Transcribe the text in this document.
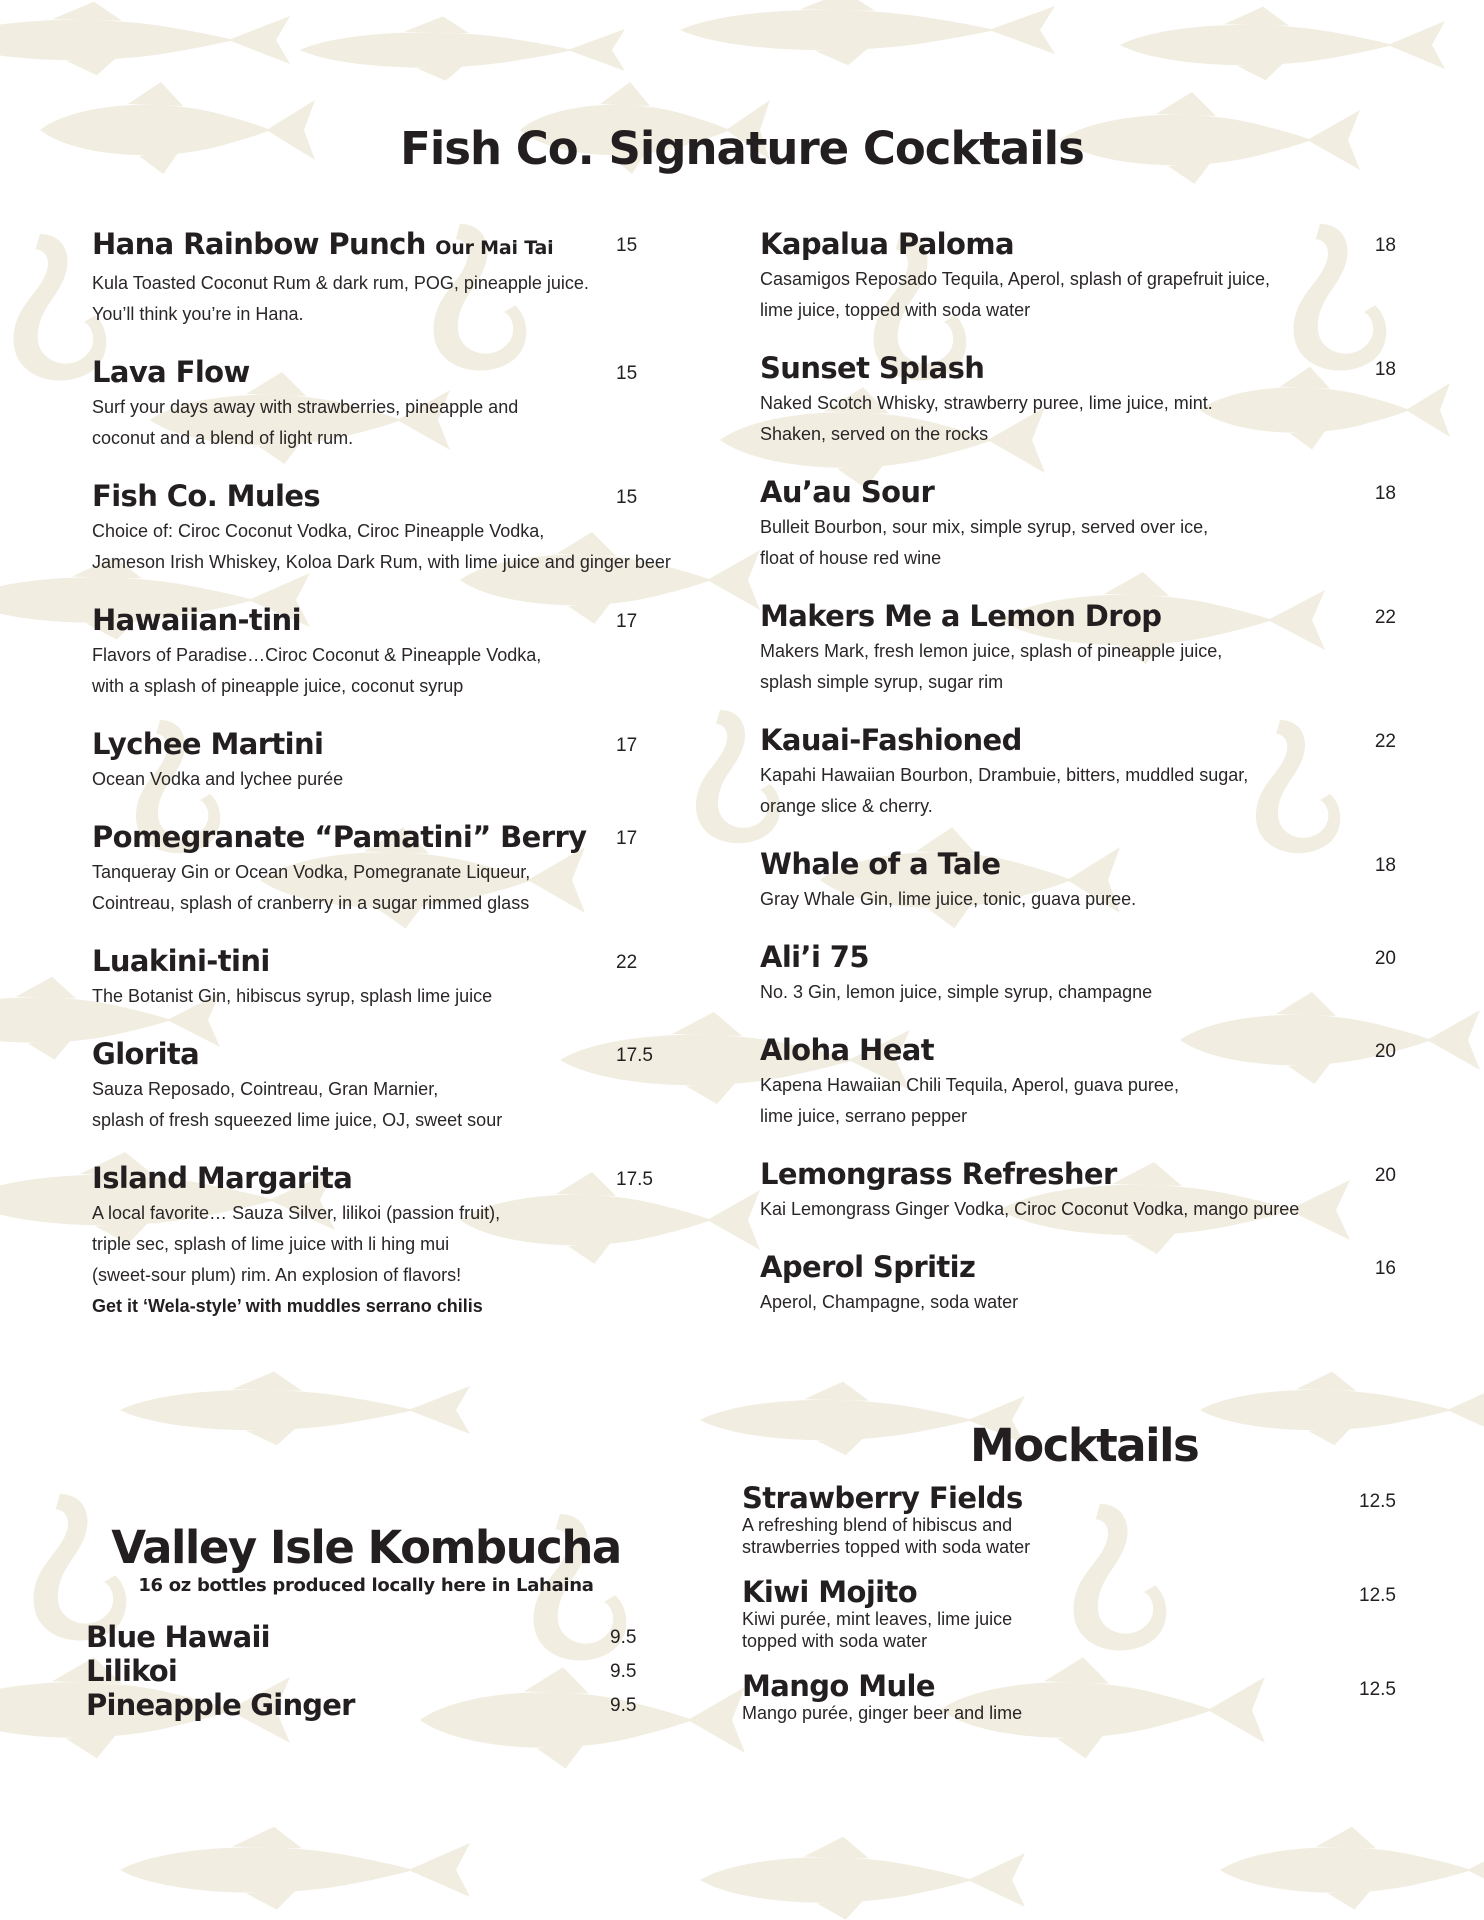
Fish Co. Signature Cocktails
Hana Rainbow Punch Our Mai Tai	15
Kula Toasted Coconut Rum & dark rum, POG, pineapple juice.
You’ll think you’re in Hana.
Lava Flow	15
Surf your days away with strawberries, pineapple and
coconut and a blend of light rum.
Fish Co. Mules	15
Choice of: Ciroc Coconut Vodka, Ciroc Pineapple Vodka,
Jameson Irish Whiskey, Koloa Dark Rum, with lime juice and ginger beer
Hawaiian-tini	17
Flavors of Paradise…Ciroc Coconut & Pineapple Vodka,
with a splash of pineapple juice, coconut syrup
Lychee Martini	17
Ocean Vodka and lychee purée
Pomegranate “Pamatini” Berry	17
Tanqueray Gin or Ocean Vodka, Pomegranate Liqueur,
Cointreau, splash of cranberry in a sugar rimmed glass
Luakini-tini	22
The Botanist Gin, hibiscus syrup, splash lime juice
Glorita	17.5
Sauza Reposado, Cointreau, Gran Marnier,
splash of fresh squeezed lime juice, OJ, sweet sour
Island Margarita	17.5
A local favorite… Sauza Silver, lilikoi (passion fruit),
triple sec, splash of lime juice with li hing mui
(sweet-sour plum) rim. An explosion of flavors!
Get it ‘Wela-style’ with muddles serrano chilis
Kapalua Paloma	18
Casamigos Reposado Tequila, Aperol, splash of grapefruit juice,
lime juice, topped with soda water
Sunset Splash	18
Naked Scotch Whisky, strawberry puree, lime juice, mint.
Shaken, served on the rocks
Au’au Sour	18
Bulleit Bourbon, sour mix, simple syrup, served over ice,
float of house red wine
Makers Me a Lemon Drop	22
Makers Mark, fresh lemon juice, splash of pineapple juice,
splash simple syrup, sugar rim
Kauai-Fashioned	22
Kapahi Hawaiian Bourbon, Drambuie, bitters, muddled sugar,
orange slice & cherry.
Whale of a Tale	18
Gray Whale Gin, lime juice, tonic, guava puree.
Ali’i 75	20
No. 3 Gin, lemon juice, simple syrup, champagne
Aloha Heat	20
Kapena Hawaiian Chili Tequila, Aperol, guava puree,
lime juice, serrano pepper
Lemongrass Refresher	20
Kai Lemongrass Ginger Vodka, Ciroc Coconut Vodka, mango puree
Aperol Spritiz	16
Aperol, Champagne, soda water
Valley Isle Kombucha
16 oz bottles produced locally here in Lahaina
Blue Hawaii	9.5
Lilikoi	9.5
Pineapple Ginger	9.5
Mocktails
Strawberry Fields	12.5
A refreshing blend of hibiscus and
strawberries topped with soda water
Kiwi Mojito	12.5
Kiwi purée, mint leaves, lime juice
topped with soda water
Mango Mule	12.5
Mango purée, ginger beer and lime
